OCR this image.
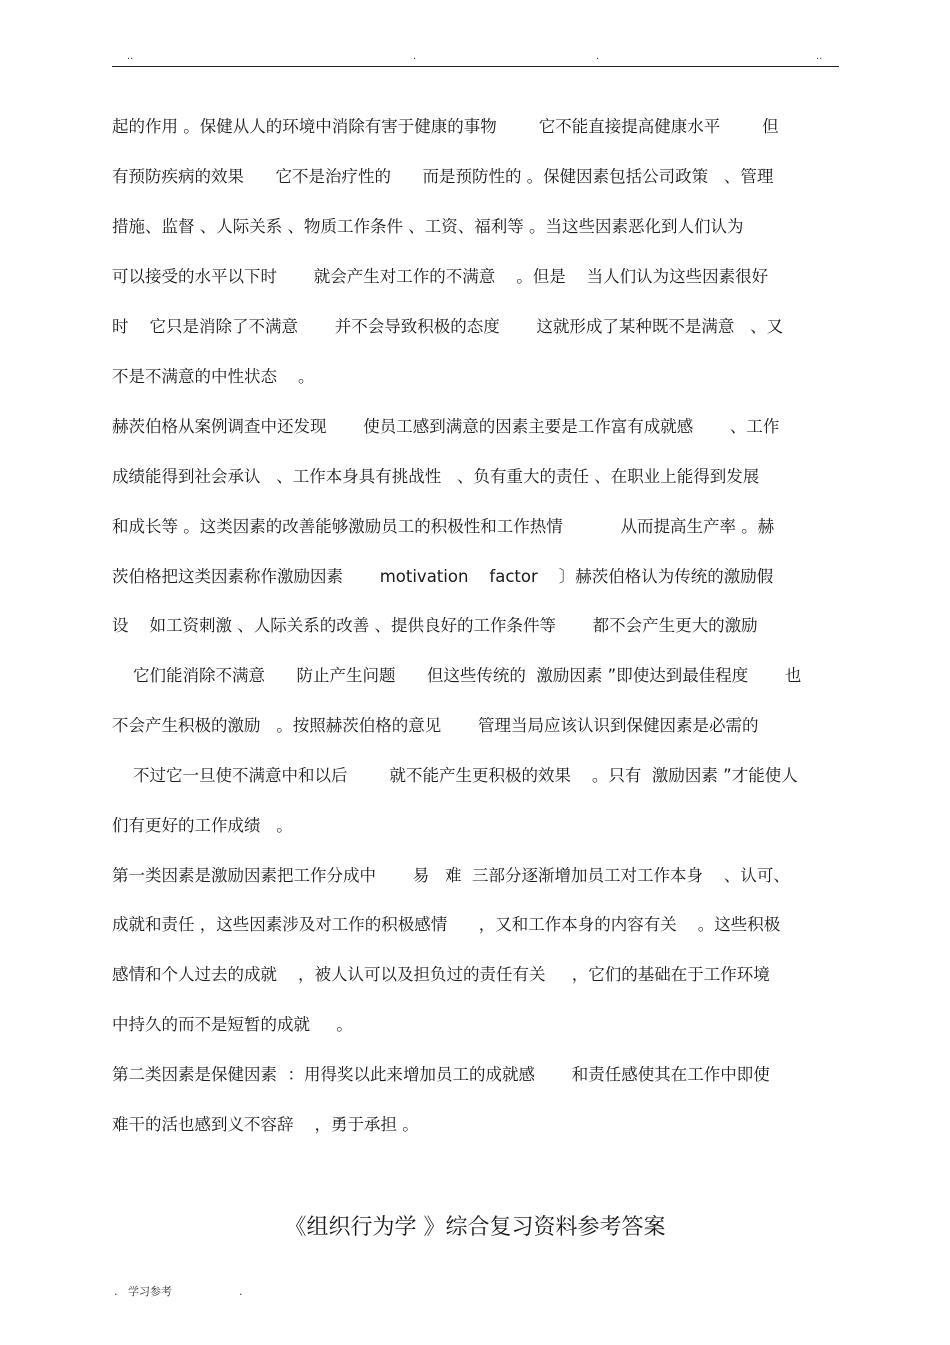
..	.	.	..
起的作用 。保健从人的环境中消除有害于健康的事物        它不能直接提高健康水平        但
有预防疾病的效果      它不是治疗性的      而是预防性的 。保健因素包括公司政策   、管理
措施、监督 、人际关系 、物质工作条件 、工资、福利等 。当这些因素恶化到人们认为
可以接受的水平以下时       就会产生对工作的不满意    。但是    当人们认为这些因素很好
时    它只是消除了不满意       并不会导致积极的态度       这就形成了某种既不是满意   、又
不是不满意的中性状态    。
赫茨伯格从案例调查中还发现       使员工感到满意的因素主要是工作富有成就感       、工作
成绩能得到社会承认   、工作本身具有挑战性   、负有重大的责任 、在职业上能得到发展
和成长等 。这类因素的改善能够激励员工的积极性和工作热情           从而提高生产率 。赫
茨伯格把这类因素称作激励因素       motivation    factor    〕赫茨伯格认为传统的激励假
设    如工资刺激 、人际关系的改善 、提供良好的工作条件等       都不会产生更大的激励
它们能消除不满意      防止产生问题      但这些传统的  激励因素 ”即使达到最佳程度       也
不会产生积极的激励   。按照赫茨伯格的意见       管理当局应该认识到保健因素是必需的
不过它一旦使不满意中和以后        就不能产生更积极的效果    。只有  激励因素 ”才能使人
们有更好的工作成绩   。
第一类因素是激励因素把工作分成中       易   难  三部分逐渐增加员工对工作本身    、认可、
成就和责任 ，这些因素涉及对工作的积极感情      ，又和工作本身的内容有关    。这些积极
感情和个人过去的成就    ，被人认可以及担负过的责任有关     ，它们的基础在于工作环境
中持久的而不是短暂的成就     。
第二类因素是保健因素  ：用得奖以此来增加员工的成就感       和责任感使其在工作中即使
难干的活也感到义不容辞    ，勇于承担 。
《组织行为学 》综合复习资料参考答案
. 学习参考	.
